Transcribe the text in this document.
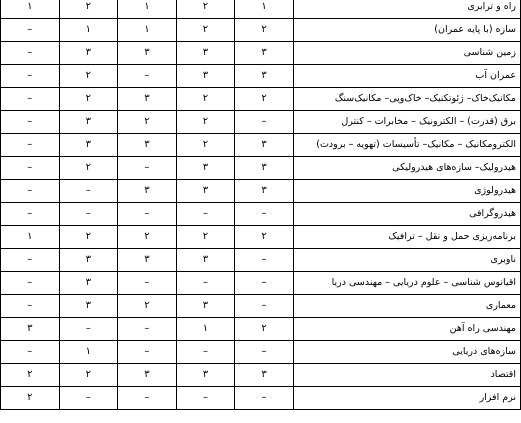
راه و ترابری	۱	۲	۱	۲	۱
سازه (با پایه عمران)	۲	۲	۱	۱	–
زمین شناسی	۳	۳	۳	۳	–
عمران آب	۳	۳	–	۲	–
مکانیک‌خاک– ژئوتکنیک– خاک‌وپی– مکانیک‌سنگ	۲	۲	۳	۲	–
برق (قدرت) – الکترونیک – مخابرات – کنترل	–	۲	۲	۳	–
الکترومکانیک – مکانیک– تأسیسات (تهویه – برودت)	۳	۲	۳	۳	–
هیدرولیک– سازه‌های هیدرولیکی	۳	۳	–	۲	–
هیدرولوژی	۳	۳	۳	–	–
هیدروگرافی	–	–	–	–	–
برنامه‌ریزی حمل و نقل – ترافیک	۲	۲	۲	۲	۱
ناوبری	–	۳	۳	۳	–
اقیانوس شناسی – علوم دریایی – مهندسی دریا	–	–	–	۳	–
معماری	–	۳	۲	۳	–
مهندسی راه آهن	۲	۱	–	–	۳
سازه‌های دریایی	–	–	–	۱	–
اقتصاد	۳	۳	۳	۲	۲
نرم افزار	–	–	–	–	۲
